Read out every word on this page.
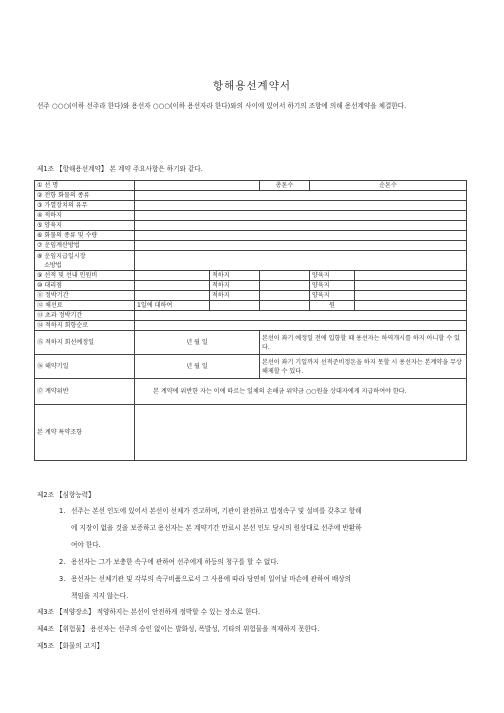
항해용선계약서
선주 ○○○(이하 선주라 한다)와 용선자 ○○○(이하 용선자라 한다)와의 사이에 있어서 하기의 조항에 의해 용선계약을 체결한다.
제1조 【항해용선계약】 본 계약 주요사항은 하기와 같다.
① 선 명			총톤수	순톤수	
② 전항 화물의 종류					
③ 가열장치의 유무					
④ 적하지					
⑤ 양육지					
⑥ 화물의 종류 및 수량					
⑦ 운임계산방법					

⑧ 운임지급일시장
소방법					

⑨ 선적 및 선내 인원비		적하지		양육지	
⑩ 대리점		적하지		양육지	
⑪ 정박기간		적하지		양육지	
⑫ 체선료	1일에 대하여			원	
⑬ 초과 정박기간					
⑭ 적하지 회항순로					
⑮ 적하지 회선예정일	년 월 일		본선이 좌기 예정일 전에 입항할 때 용선자는 하역개시를 하지 아니할 수 있다.		
⑯ 해약기일	년 월 일		본선이 좌기 기일까지 선적준비정돈을 하지 못할 시 용선자는 본계약을 무상해제할 수 있다.		
⑰ 계약위반	본 계약에 위반한 자는 이에 따르는 일체의 손해금 위약금 ○○원을 상대자에게 지급하여야 한다.				
본 계약 특약조항					
제2조 【심항능력】
1. 선주는 본선 인도에 있어서 본선이 선체가 견고하며, 기관이 완전하고 법정속구 및 설비를 갖추고 항해
에 지장이 없을 것을 보증하고 용선자는 본 계약기간 만료시 본선 인도 당시의 원상대로 선주에 반환하
여야 한다.
2. 용선자는 그가 보충한 속구에 관하여 선주에게 하등의 청구를 할 수 없다.
3. 용선자는 선체기관 및 각부의 속구비품으로서 그 사용에 따라 당연히 일어날 마손에 관하여 배상의
책임을 지지 않는다.
제3조 【적양장소】 적양하지는 본선이 안전하게 정박할 수 있는 장소로 한다.
제4조 【위험물】 용선자는 선주의 승인 없이는 발화성, 폭발성, 기타의 위험물을 적재하지 못한다.
제5조 【화물의 고지】
